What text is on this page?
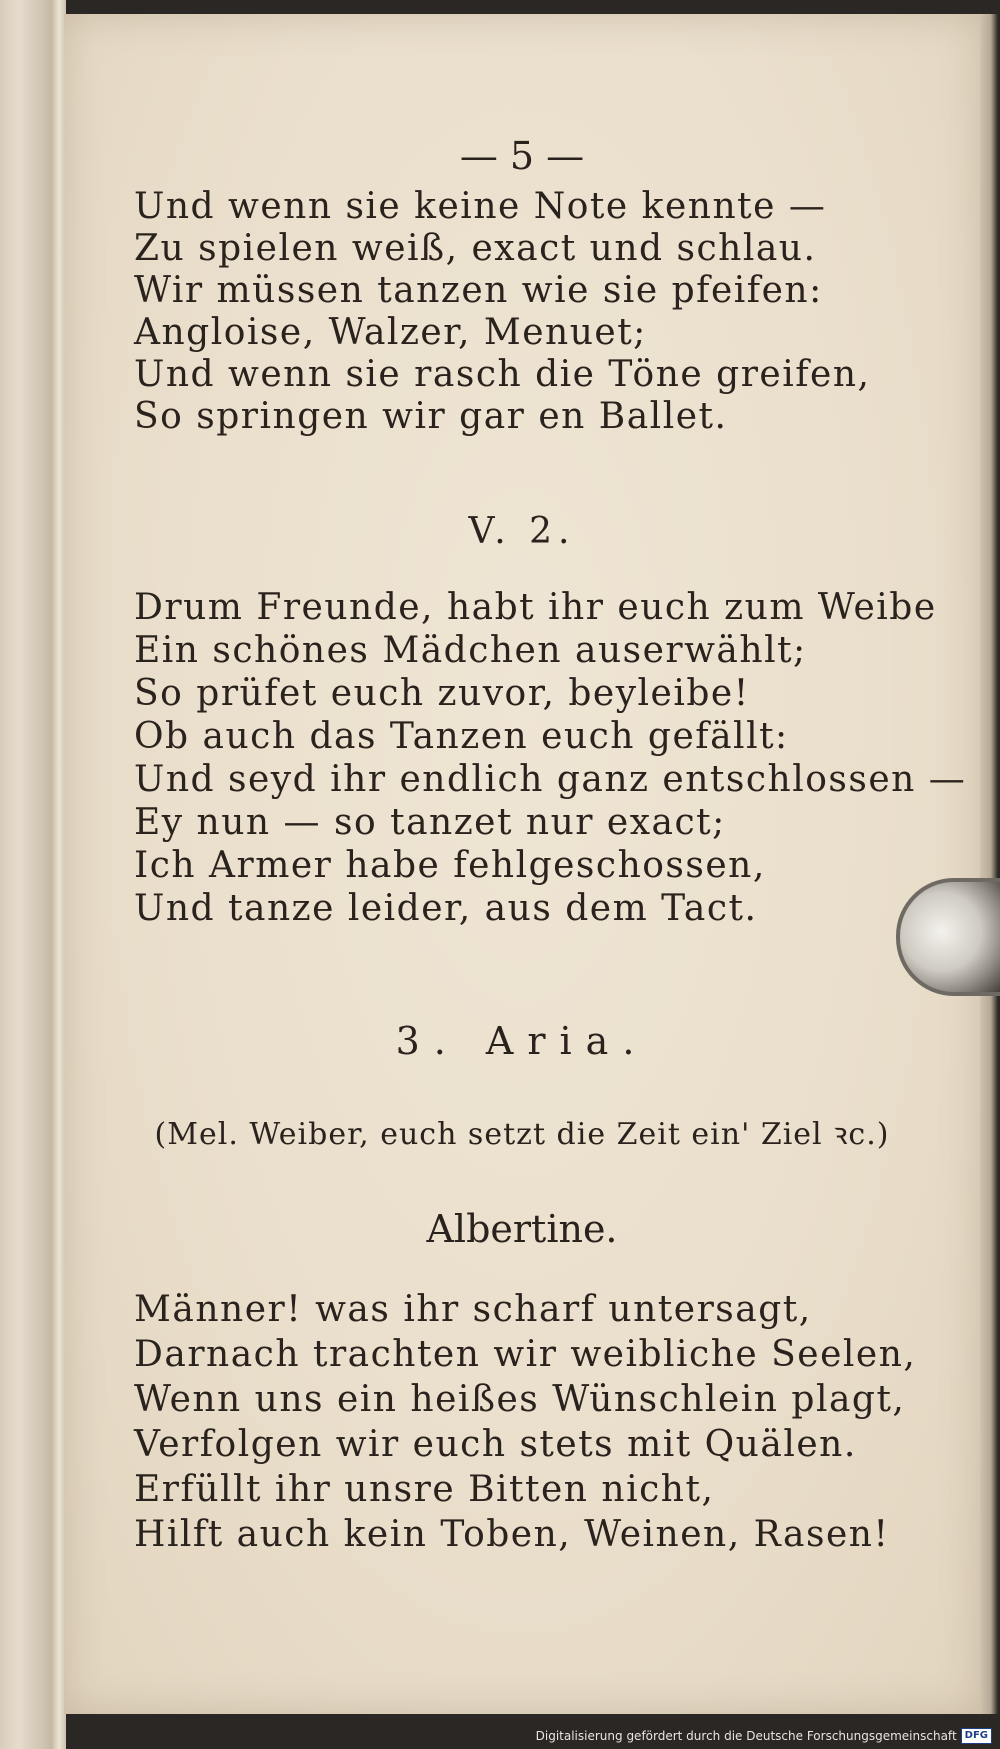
— 5 —
Und wenn sie keine Note kennte —
Zu spielen weiß, exact und schlau.
Wir müssen tanzen wie sie pfeifen:
Angloise, Walzer, Menuet;
Und wenn sie rasch die Töne greifen,
So springen wir gar en Ballet.
V. 2.
Drum Freunde, habt ihr euch zum Weibe
Ein schönes Mädchen auserwählt;
So prüfet euch zuvor, beyleibe!
Ob auch das Tanzen euch gefällt:
Und seyd ihr endlich ganz entschlossen —
Ey nun — so tanzet nur exact;
Ich Armer habe fehlgeschossen,
Und tanze leider, aus dem Tact.
3. Aria.
(Mel. Weiber, euch setzt die Zeit ein' Ziel ꝛc.)
Albertine.
Männer! was ihr scharf untersagt,
Darnach trachten wir weibliche Seelen,
Wenn uns ein heißes Wünschlein plagt,
Verfolgen wir euch stets mit Quälen.
Erfüllt ihr unsre Bitten nicht,
Hilft auch kein Toben, Weinen, Rasen!
Digitalisierung gefördert durch die Deutsche Forschungsgemeinschaft DFG
